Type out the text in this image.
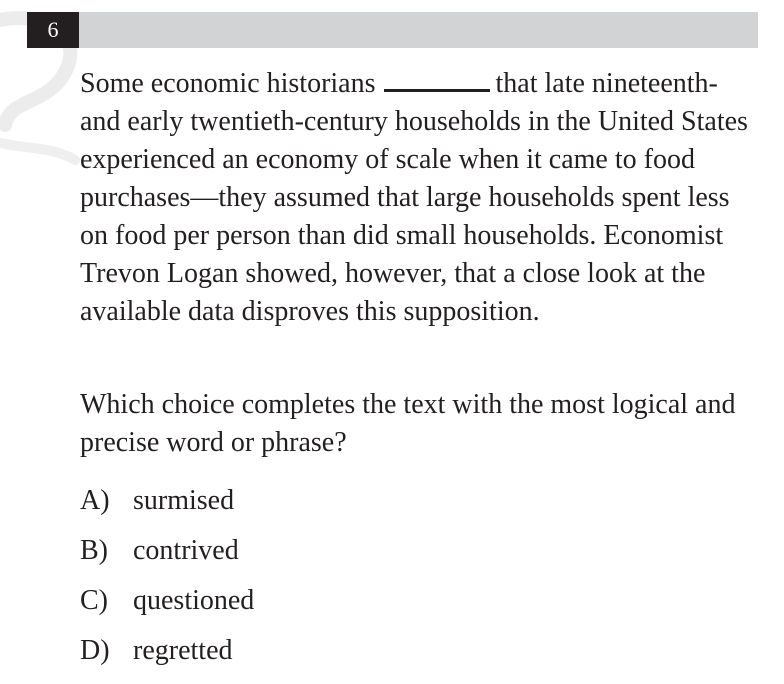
6

Some economic historians	that late nineteenth- and early twentieth-century households in the United States experienced an economy of scale when it came to food purchases—they assumed that large households spent less on food per person than did small households. Economist Trevon Logan showed, however, that a close look at the available data disproves this supposition.

Which choice completes the text with the most logical and precise word or phrase?

A) surmised
B) contrived
C) questioned
D) regretted
